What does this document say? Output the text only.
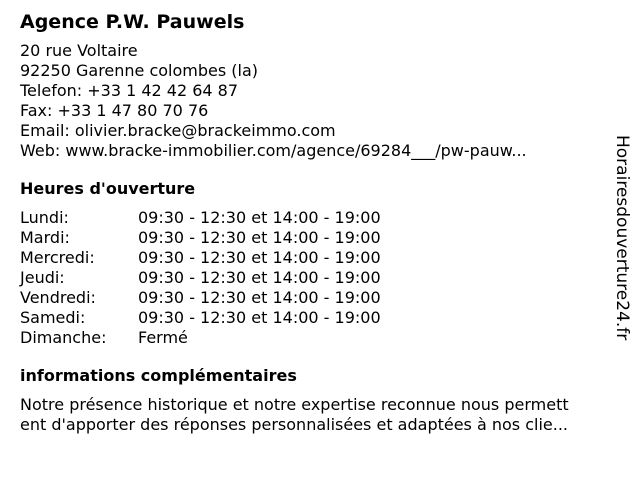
Agence P.W. Pauwels
20 rue Voltaire
92250 Garenne colombes (la)
Telefon: +33 1 42 42 64 87
Fax: +33 1 47 80 70 76
Email: olivier.bracke@brackeimmo.com
Web: www.bracke-immobilier.com/agence/69284___/pw-pauw...
Heures d'ouverture
Lundi:	09:30 - 12:30 et 14:00 - 19:00
Mardi:	09:30 - 12:30 et 14:00 - 19:00
Mercredi:	09:30 - 12:30 et 14:00 - 19:00
Jeudi:	09:30 - 12:30 et 14:00 - 19:00
Vendredi:	09:30 - 12:30 et 14:00 - 19:00
Samedi:	09:30 - 12:30 et 14:00 - 19:00
Dimanche:	Fermé
informations complémentaires
Notre présence historique et notre expertise reconnue nous permett
ent d'apporter des réponses personnalisées et adaptées à nos clie...
Horairesdouverture24.fr
